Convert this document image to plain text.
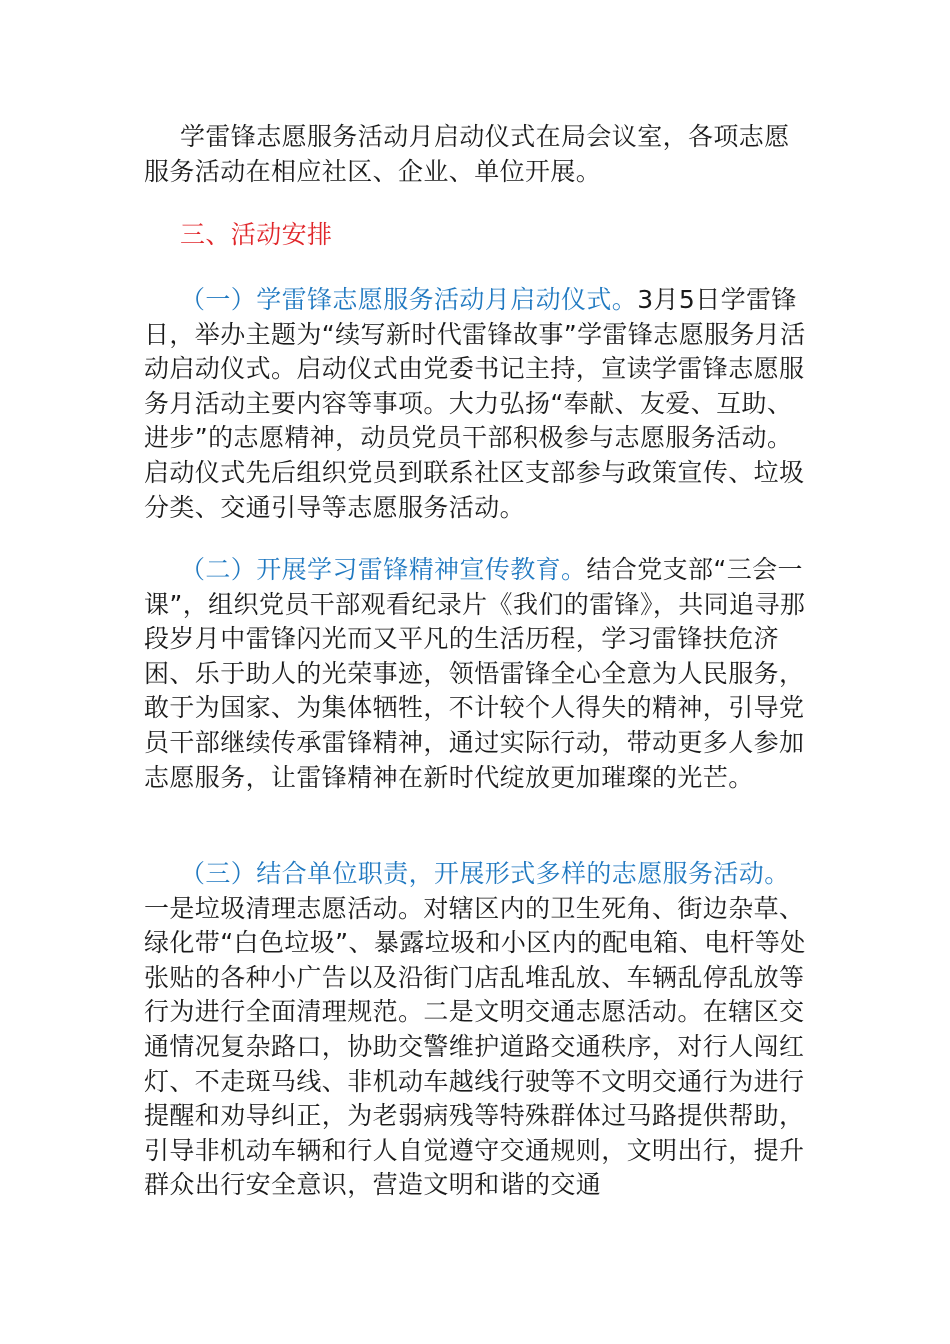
学雷锋志愿服务活动月启动仪式在局会议室，各项志愿服务活动在相应社区、企业、单位开展。

三、活动安排

（一）学雷锋志愿服务活动月启动仪式。3月5日学雷锋日，举办主题为“续写新时代雷锋故事”学雷锋志愿服务月活动启动仪式。启动仪式由党委书记主持，宣读学雷锋志愿服务月活动主要内容等事项。大力弘扬“奉献、友爱、互助、进步”的志愿精神，动员党员干部积极参与志愿服务活动。启动仪式先后组织党员到联系社区支部参与政策宣传、垃圾分类、交通引导等志愿服务活动。

（二）开展学习雷锋精神宣传教育。结合党支部“三会一课”，组织党员干部观看纪录片《我们的雷锋》，共同追寻那段岁月中雷锋闪光而又平凡的生活历程，学习雷锋扶危济困、乐于助人的光荣事迹，领悟雷锋全心全意为人民服务，敢于为国家、为集体牺牲，不计较个人得失的精神，引导党员干部继续传承雷锋精神，通过实际行动，带动更多人参加志愿服务，让雷锋精神在新时代绽放更加璀璨的光芒。

（三）结合单位职责，开展形式多样的志愿服务活动。一是垃圾清理志愿活动。对辖区内的卫生死角、街边杂草、绿化带“白色垃圾”、暴露垃圾和小区内的配电箱、电杆等处张贴的各种小广告以及沿街门店乱堆乱放、车辆乱停乱放等行为进行全面清理规范。二是文明交通志愿活动。在辖区交通情况复杂路口，协助交警维护道路交通秩序，对行人闯红灯、不走斑马线、非机动车越线行驶等不文明交通行为进行提醒和劝导纠正，为老弱病残等特殊群体过马路提供帮助，引导非机动车辆和行人自觉遵守交通规则，文明出行，提升群众出行安全意识，营造文明和谐的交通
